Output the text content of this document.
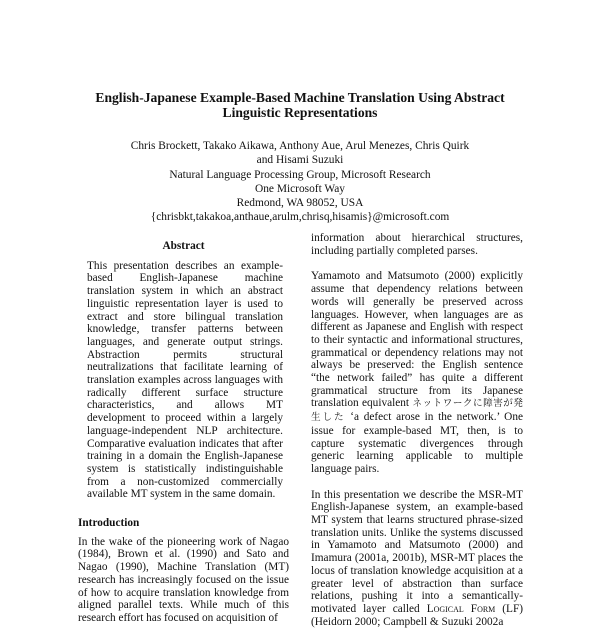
English-Japanese Example-Based Machine Translation Using Abstract
Linguistic Representations
Chris Brockett, Takako Aikawa, Anthony Aue, Arul Menezes, Chris Quirk
and Hisami Suzuki
Natural Language Processing Group, Microsoft Research
One Microsoft Way
Redmond, WA 98052, USA
{chrisbkt,takakoa,anthaue,arulm,chrisq,hisamis}@microsoft.com
Abstract

This presentation describes an example-based English-Japanese machine translation system in which an abstract linguistic representation layer is used to extract and store bilingual translation knowledge, transfer patterns between languages, and generate output strings. Abstraction permits structural neutralizations that facilitate learning of translation examples across languages with radically different surface structure characteristics, and allows MT development to proceed within a largely language-independent NLP architecture. Comparative evaluation indicates that after training in a domain the English-Japanese system is statistically indistinguishable from a non-customized commercially available MT system in the same domain.

Introduction

In the wake of the pioneering work of Nagao (1984), Brown et al. (1990) and Sato and Nagao (1990), Machine Translation (MT) research has increasingly focused on the issue of how to acquire translation knowledge from aligned parallel texts. While much of this research effort has focused on acquisition of

information about hierarchical structures, including partially completed parses.

Yamamoto and Matsumoto (2000) explicitly assume that dependency relations between words will generally be preserved across languages. However, when languages are as different as Japanese and English with respect to their syntactic and informational structures, grammatical or dependency relations may not always be preserved: the English sentence “the network failed” has quite a different grammatical structure from its Japanese translation equivalent ネットワークに障害が発生した ‘a defect arose in the network.’ One issue for example-based MT, then, is to capture systematic divergences through generic learning applicable to multiple language pairs.

In this presentation we describe the MSR-MT English-Japanese system, an example-based MT system that learns structured phrase-sized translation units. Unlike the systems discussed in Yamamoto and Matsumoto (2000) and Imamura (2001a, 2001b), MSR-MT places the locus of translation knowledge acquisition at a greater level of abstraction than surface relations, pushing it into a semantically-motivated layer called Logical Form (LF) (Heidorn 2000; Campbell & Suzuki 2002a
